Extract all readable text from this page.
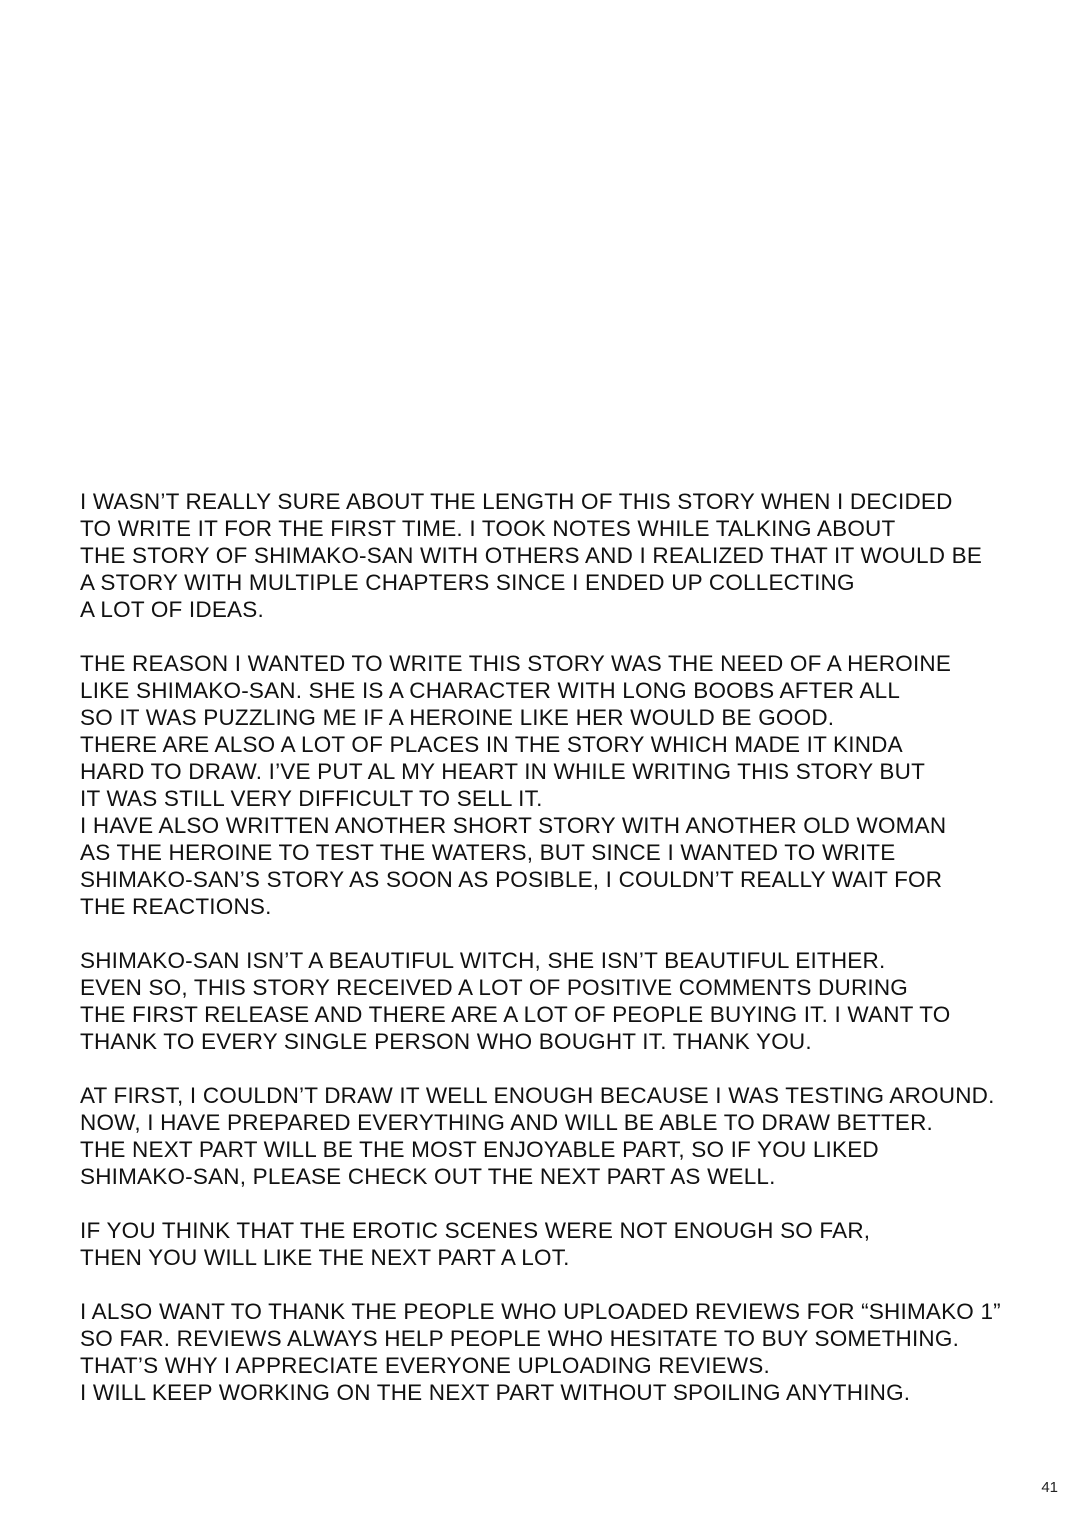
I WASN’T REALLY SURE ABOUT THE LENGTH OF THIS STORY WHEN I DECIDED
TO WRITE IT FOR THE FIRST TIME. I TOOK NOTES WHILE TALKING ABOUT
THE STORY OF SHIMAKO-SAN WITH OTHERS AND I REALIZED THAT IT WOULD BE
A STORY WITH MULTIPLE CHAPTERS SINCE I ENDED UP COLLECTING
A LOT OF IDEAS.
THE REASON I WANTED TO WRITE THIS STORY WAS THE NEED OF A HEROINE
LIKE SHIMAKO-SAN. SHE IS A CHARACTER WITH LONG BOOBS AFTER ALL
SO IT WAS PUZZLING ME IF A HEROINE LIKE HER WOULD BE GOOD.
THERE ARE ALSO A LOT OF PLACES IN THE STORY WHICH MADE IT KINDA
HARD TO DRAW. I’VE PUT AL MY HEART IN WHILE WRITING THIS STORY BUT
IT WAS STILL VERY DIFFICULT TO SELL IT.
I HAVE ALSO WRITTEN ANOTHER SHORT STORY WITH ANOTHER OLD WOMAN
AS THE HEROINE TO TEST THE WATERS, BUT SINCE I WANTED TO WRITE
SHIMAKO-SAN’S STORY AS SOON AS POSIBLE, I COULDN’T REALLY WAIT FOR
THE REACTIONS.
SHIMAKO-SAN ISN’T A BEAUTIFUL WITCH, SHE ISN’T BEAUTIFUL EITHER.
EVEN SO, THIS STORY RECEIVED A LOT OF POSITIVE COMMENTS DURING
THE FIRST RELEASE AND THERE ARE A LOT OF PEOPLE BUYING IT. I WANT TO
THANK TO EVERY SINGLE PERSON WHO BOUGHT IT. THANK YOU.
AT FIRST, I COULDN’T DRAW IT WELL ENOUGH BECAUSE I WAS TESTING AROUND.
NOW, I HAVE PREPARED EVERYTHING AND WILL BE ABLE TO DRAW BETTER.
THE NEXT PART WILL BE THE MOST ENJOYABLE PART, SO IF YOU LIKED
SHIMAKO-SAN, PLEASE CHECK OUT THE NEXT PART AS WELL.
IF YOU THINK THAT THE EROTIC SCENES WERE NOT ENOUGH SO FAR,
THEN YOU WILL LIKE THE NEXT PART A LOT.
I ALSO WANT TO THANK THE PEOPLE WHO UPLOADED REVIEWS FOR “SHIMAKO 1”
SO FAR. REVIEWS ALWAYS HELP PEOPLE WHO HESITATE TO BUY SOMETHING.
THAT’S WHY I APPRECIATE EVERYONE UPLOADING REVIEWS.
I WILL KEEP WORKING ON THE NEXT PART WITHOUT SPOILING ANYTHING.
41
